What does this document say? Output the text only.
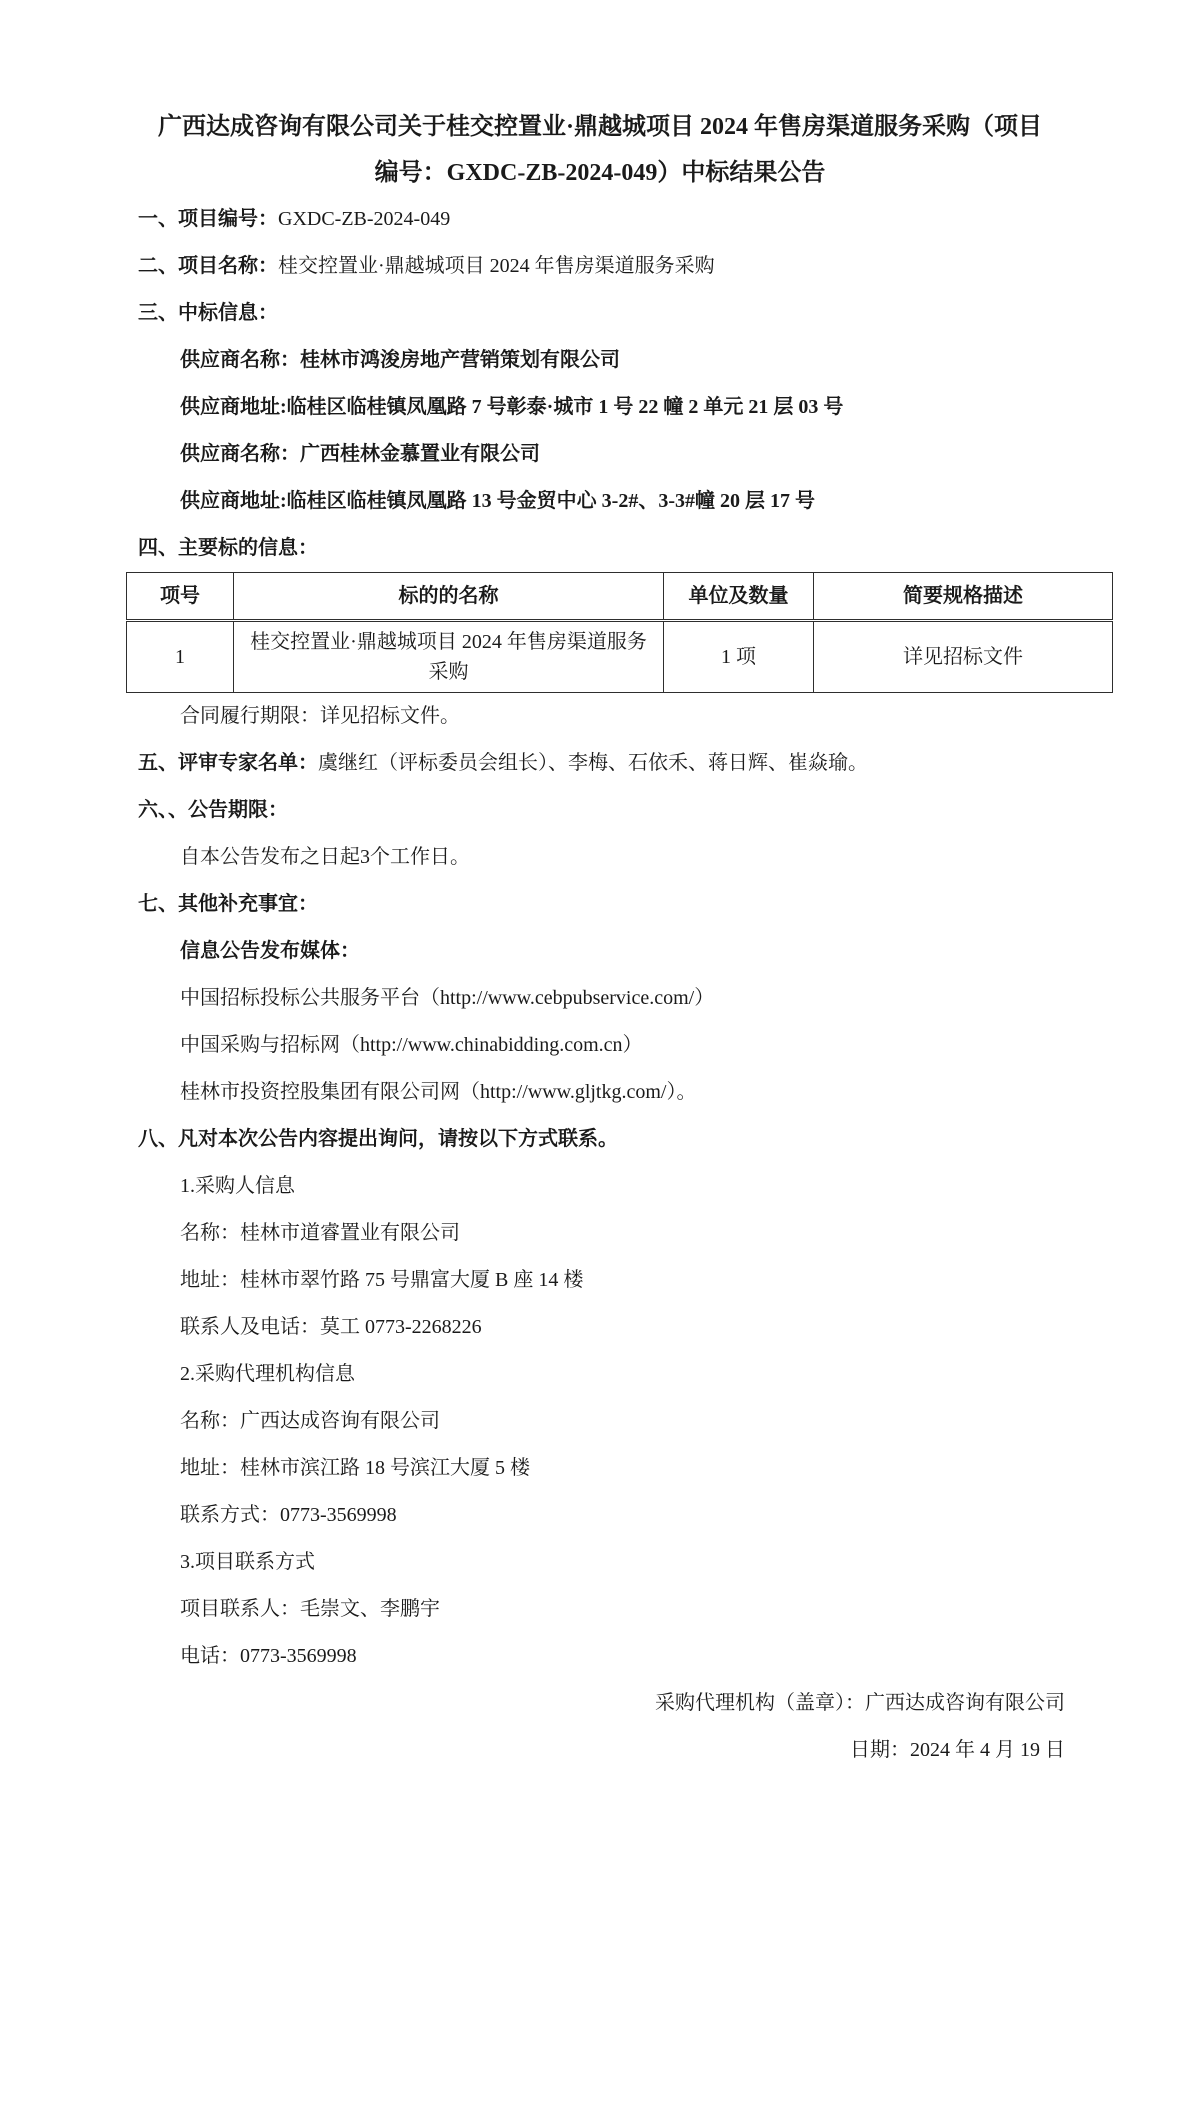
广西达成咨询有限公司关于桂交控置业·鼎越城项目 2024 年售房渠道服务采购（项目
编号：GXDC-ZB-2024-049）中标结果公告

一、项目编号：GXDC-ZB-2024-049

二、项目名称：桂交控置业·鼎越城项目 2024 年售房渠道服务采购

三、中标信息：

供应商名称：桂林市鸿浚房地产营销策划有限公司

供应商地址:临桂区临桂镇凤凰路 7 号彰泰·城市 1 号 22 幢 2 单元 21 层 03 号

供应商名称：广西桂林金慕置业有限公司

供应商地址:临桂区临桂镇凤凰路 13 号金贸中心 3-2#、3-3#幢 20 层 17 号

四、主要标的信息：

项号	标的的名称	单位及数量	简要规格描述
1	桂交控置业·鼎越城项目 2024 年售房渠道服务采购	1 项	详见招标文件

合同履行期限：详见招标文件。

五、评审专家名单：虞继红（评标委员会组长）、李梅、石依禾、蒋日辉、崔焱瑜。

六、、公告期限：

自本公告发布之日起3个工作日。

七、其他补充事宜：

信息公告发布媒体：

中国招标投标公共服务平台（http://www.cebpubservice.com/）

中国采购与招标网（http://www.chinabidding.com.cn）

桂林市投资控股集团有限公司网（http://www.gljtkg.com/）。

八、凡对本次公告内容提出询问，请按以下方式联系。

1.采购人信息

名称：桂林市道睿置业有限公司

地址：桂林市翠竹路 75 号鼎富大厦 B 座 14 楼

联系人及电话：莫工 0773-2268226

2.采购代理机构信息

名称：广西达成咨询有限公司

地址：桂林市滨江路 18 号滨江大厦 5 楼

联系方式：0773-3569998

3.项目联系方式

项目联系人：毛崇文、李鹏宇

电话：0773-3569998

采购代理机构（盖章）：广西达成咨询有限公司

日期：2024 年 4 月 19 日
